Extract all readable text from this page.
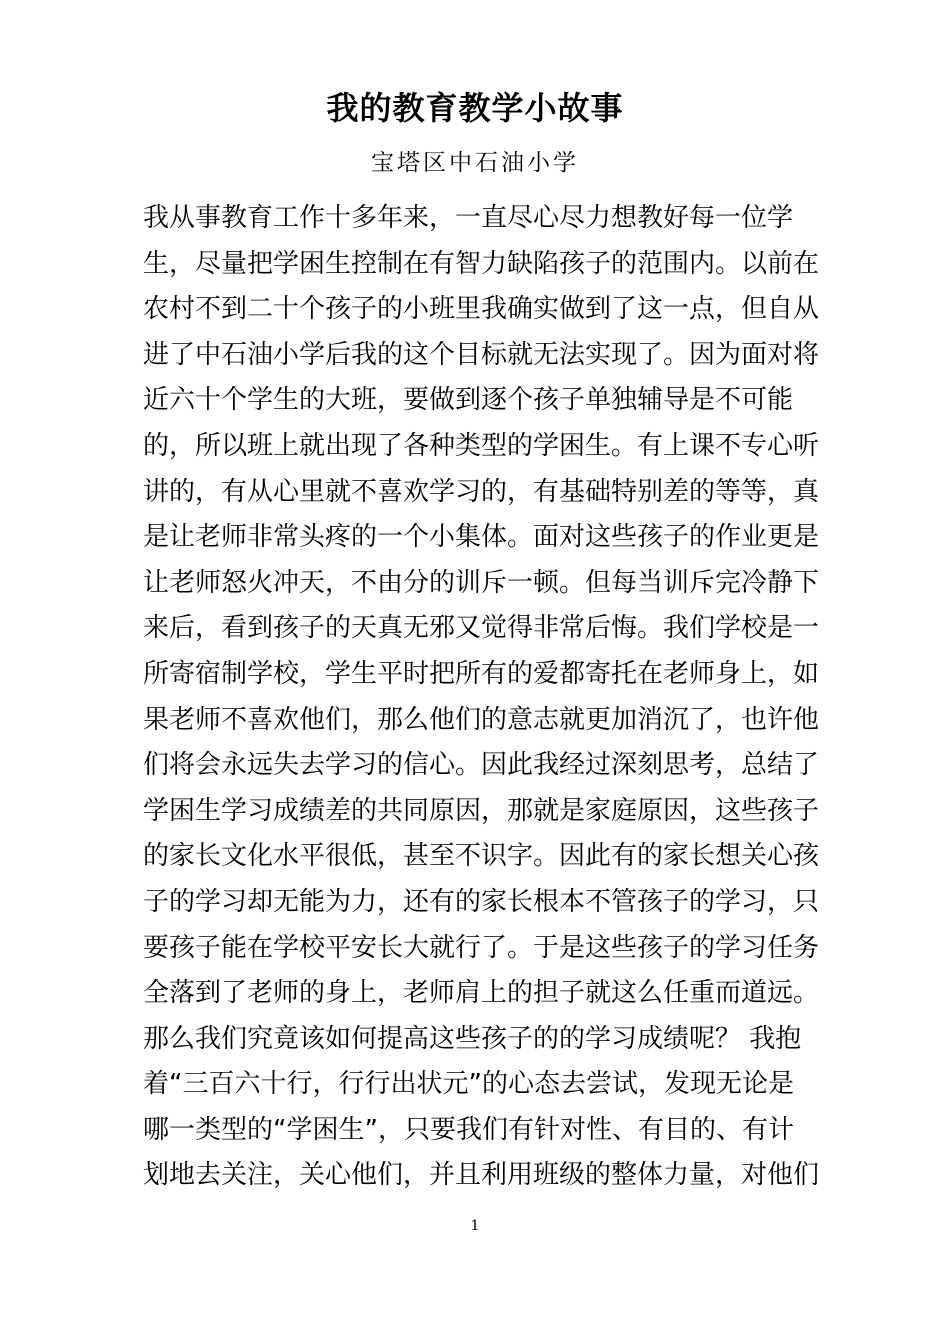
我的教育教学小故事
宝塔区中石油小学
我从事教育工作十多年来，一直尽心尽力想教好每一位学
生，尽量把学困生控制在有智力缺陷孩子的范围内。以前在
农村不到二十个孩子的小班里我确实做到了这一点，但自从
进了中石油小学后我的这个目标就无法实现了。因为面对将
近六十个学生的大班，要做到逐个孩子单独辅导是不可能
的，所以班上就出现了各种类型的学困生。有上课不专心听
讲的，有从心里就不喜欢学习的，有基础特别差的等等，真
是让老师非常头疼的一个小集体。面对这些孩子的作业更是
让老师怒火冲天，不由分的训斥一顿。但每当训斥完冷静下
来后，看到孩子的天真无邪又觉得非常后悔。我们学校是一
所寄宿制学校，学生平时把所有的爱都寄托在老师身上，如
果老师不喜欢他们，那么他们的意志就更加消沉了，也许他
们将会永远失去学习的信心。因此我经过深刻思考，总结了
学困生学习成绩差的共同原因，那就是家庭原因，这些孩子
的家长文化水平很低，甚至不识字。因此有的家长想关心孩
子的学习却无能为力，还有的家长根本不管孩子的学习，只
要孩子能在学校平安长大就行了。于是这些孩子的学习任务
全落到了老师的身上，老师肩上的担子就这么任重而道远。
那么我们究竟该如何提高这些孩子的的学习成绩呢？ 我抱
着“三百六十行，行行出状元”的心态去尝试，发现无论是
哪一类型的“学困生”，只要我们有针对性、有目的、有计
划地去关注，关心他们，并且利用班级的整体力量，对他们
1
